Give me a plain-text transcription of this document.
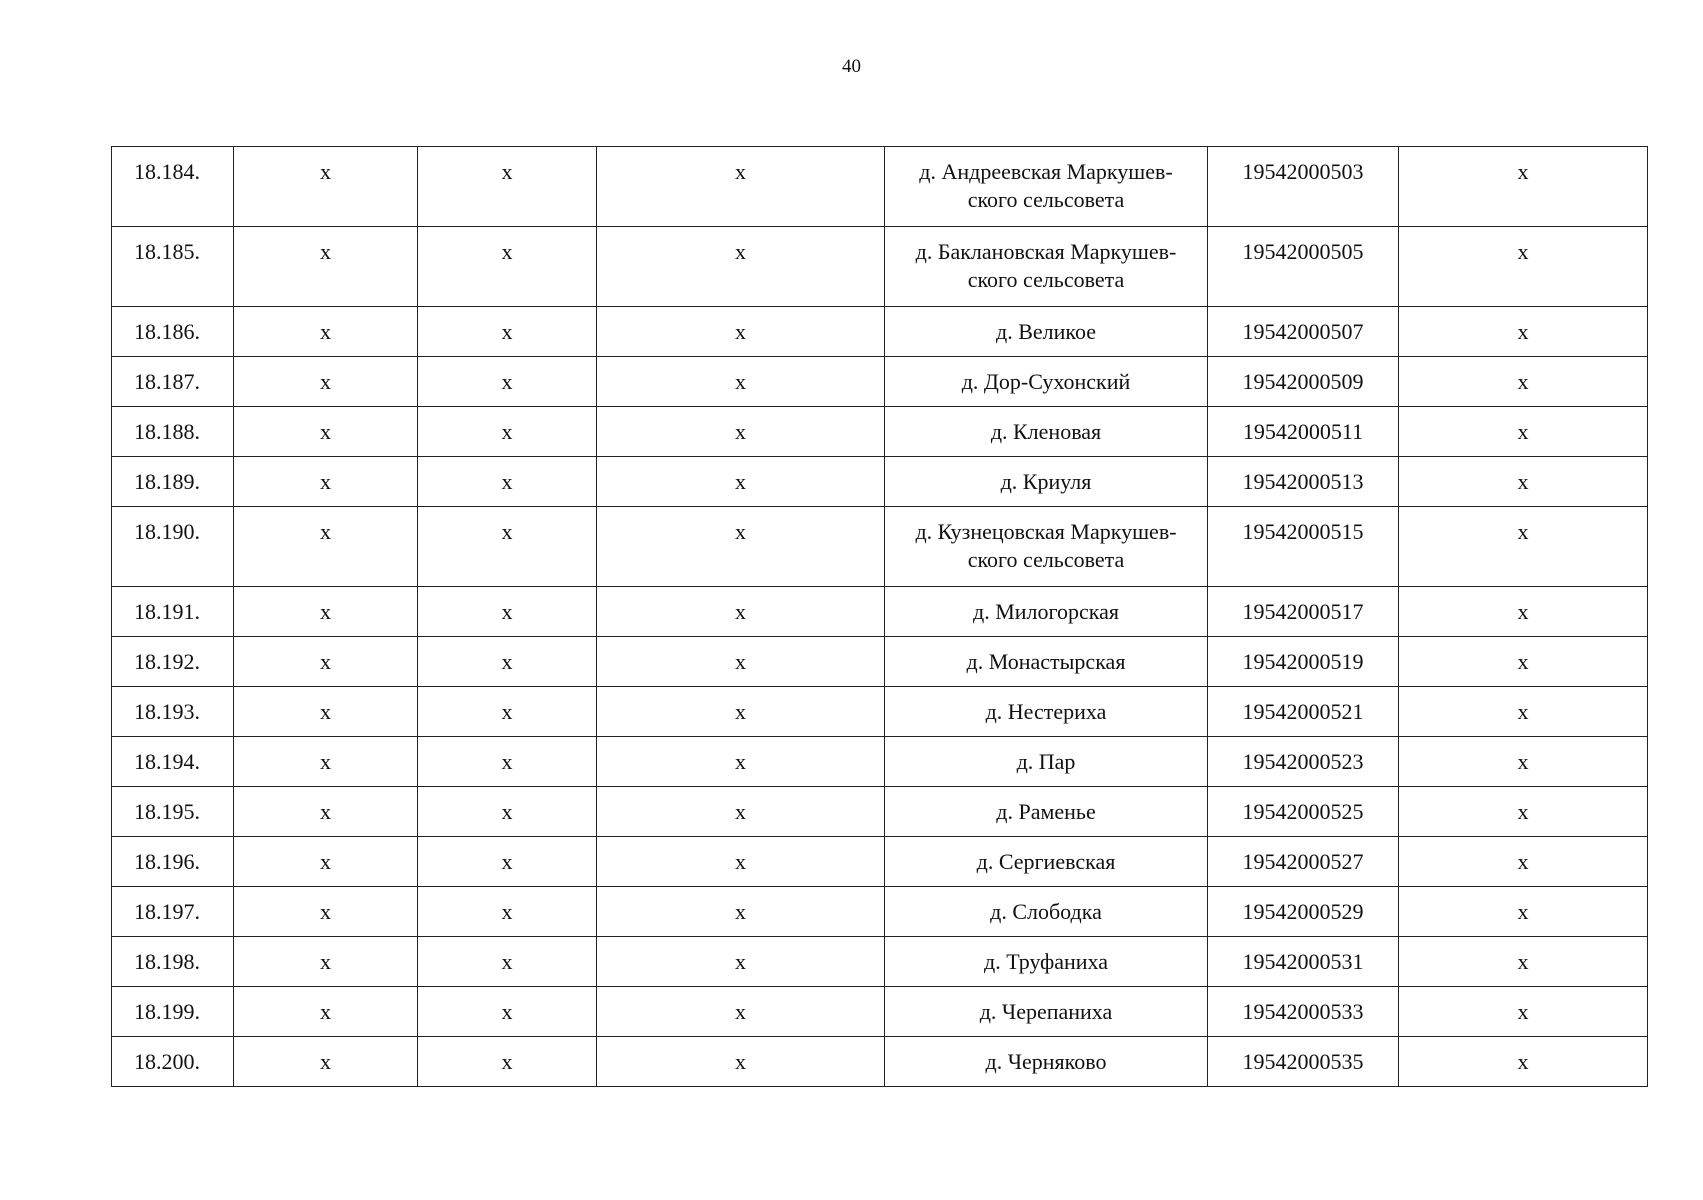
40
18.184.	х	х	х	д. Андреевская Маркушев-ского сельсовета	19542000503	х
18.185.	х	х	х	д. Баклановская Маркушев-ского сельсовета	19542000505	х
18.186.	х	х	х	д. Великое	19542000507	х
18.187.	х	х	х	д. Дор-Сухонский	19542000509	х
18.188.	х	х	х	д. Кленовая	19542000511	х
18.189.	х	х	х	д. Криуля	19542000513	х
18.190.	х	х	х	д. Кузнецовская Маркушев-ского сельсовета	19542000515	х
18.191.	х	х	х	д. Милогорская	19542000517	х
18.192.	х	х	х	д. Монастырская	19542000519	х
18.193.	х	х	х	д. Нестериха	19542000521	х
18.194.	х	х	х	д. Пар	19542000523	х
18.195.	х	х	х	д. Раменье	19542000525	х
18.196.	х	х	х	д. Сергиевская	19542000527	х
18.197.	х	х	х	д. Слободка	19542000529	х
18.198.	х	х	х	д. Труфаниха	19542000531	х
18.199.	х	х	х	д. Черепаниха	19542000533	х
18.200.	х	х	х	д. Черняково	19542000535	х
